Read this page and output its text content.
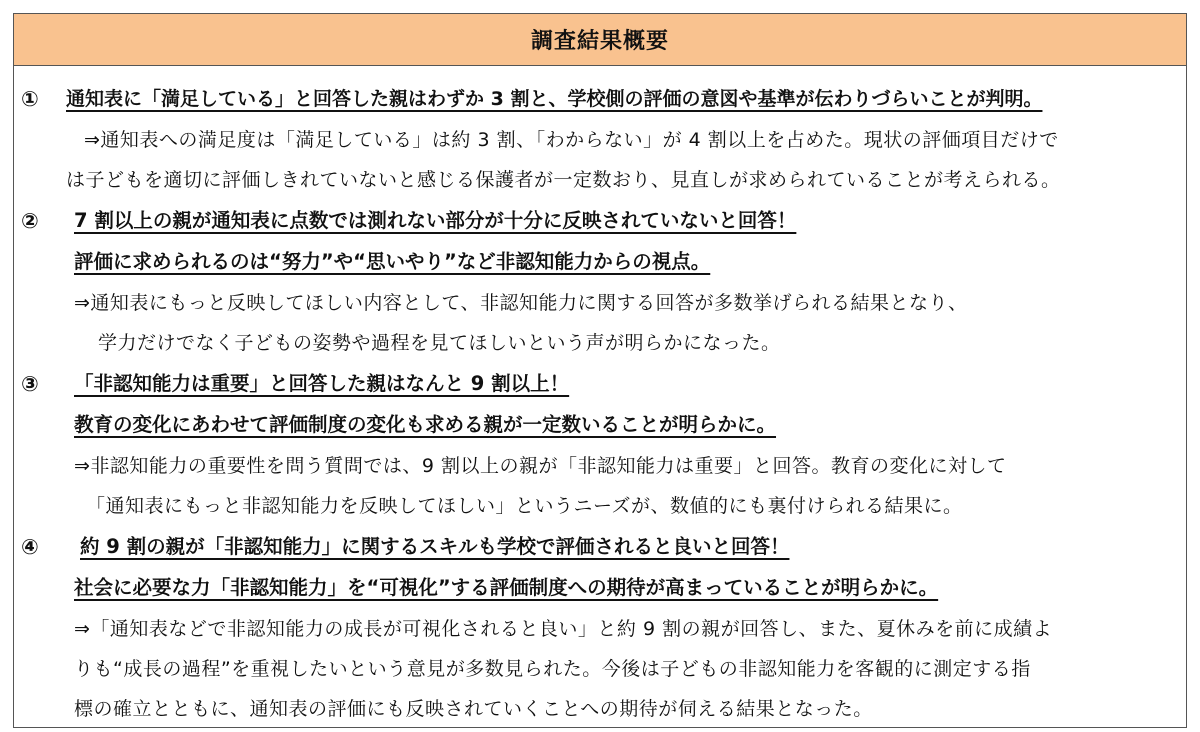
調査結果概要
① 通知表に「満足している」と回答した親はわずか 3 割と、学校側の評価の意図や基準が伝わりづらいことが判明。
⇒通知表への満足度は「満足している」は約 3 割、「わからない」が 4 割以上を占めた。現状の評価項目だけで
は子どもを適切に評価しきれていないと感じる保護者が一定数おり、見直しが求められていることが考えられる。
② 7 割以上の親が通知表に点数では測れない部分が十分に反映されていないと回答！
評価に求められるのは“努力”や“思いやり”など非認知能力からの視点。
⇒通知表にもっと反映してほしい内容として、非認知能力に関する回答が多数挙げられる結果となり、
学力だけでなく子どもの姿勢や過程を見てほしいという声が明らかになった。
③ 「非認知能力は重要」と回答した親はなんと 9 割以上！
教育の変化にあわせて評価制度の変化も求める親が一定数いることが明らかに。
⇒非認知能力の重要性を問う質問では、9 割以上の親が「非認知能力は重要」と回答。教育の変化に対して
「通知表にもっと非認知能力を反映してほしい」というニーズが、数値的にも裏付けられる結果に。
④ 約 9 割の親が「非認知能力」に関するスキルも学校で評価されると良いと回答！
社会に必要な力「非認知能力」を“可視化”する評価制度への期待が高まっていることが明らかに。
⇒「通知表などで非認知能力の成長が可視化されると良い」と約 9 割の親が回答し、また、夏休みを前に成績よ
りも“成長の過程”を重視したいという意見が多数見られた。今後は子どもの非認知能力を客観的に測定する指
標の確立とともに、通知表の評価にも反映されていくことへの期待が伺える結果となった。
